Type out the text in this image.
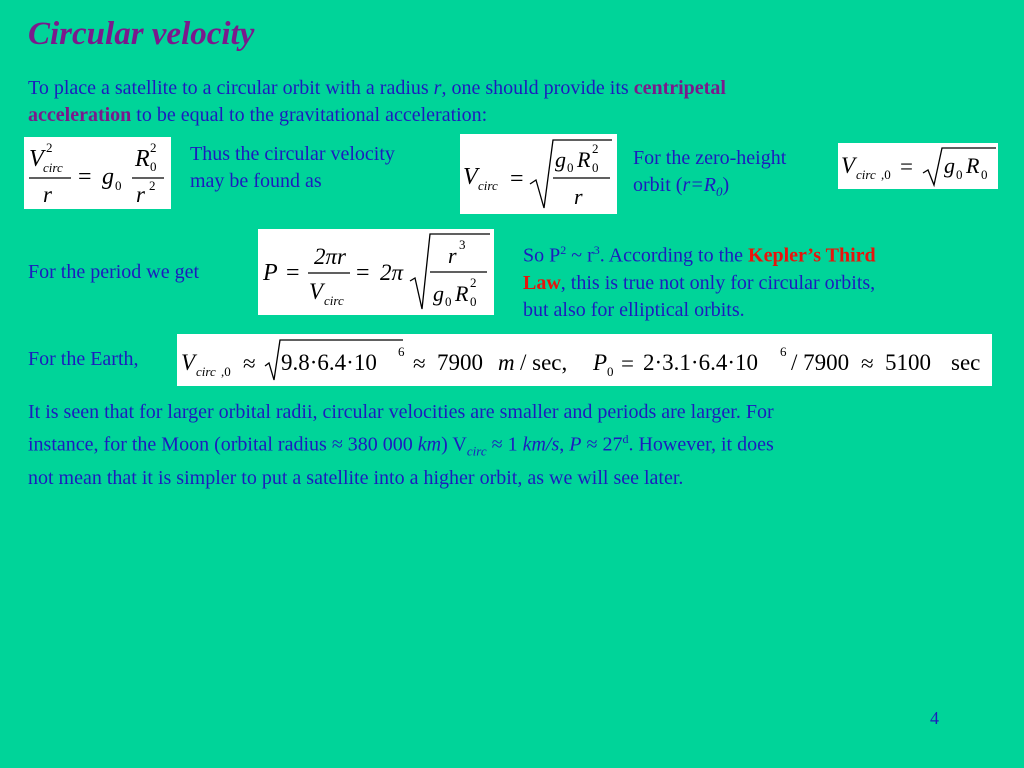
Circular velocity
To place a satellite to a circular orbit with a radius r, one should provide its centripetal
acceleration to be equal to the gravitational acceleration:
V 2
circ
r
= g 0
R 2
0
r 2
Thus the circular velocity
may be found as	V circ =
g 0 R 2
0
r
For the zero-height
orbit $(r=R_0)$
V circ ,0 = g 0 R 0
For the period we get	P =
2πr
V circ
= 2π
r 3
g 0 R 2
0
So $P^2$ ~ $r^3$. According to the Kepler’s Third
Law, this is true not only for circular orbits,
but also for elliptical orbits.
For the Earth, V circ ,0 ≈ 9.8·6.4·10 6 ≈ 7900 m / sec, P 0 = 2·3.1·6.4·10 6 / 7900 ≈ 5100 sec
It is seen that for larger orbital radii, circular velocities are smaller and periods are larger. For
instance, for the Moon (orbital radius ≈ 380 000 km) $V_{circ} \approx 1$ km/s, $P \approx 27^d$. However, it does
not mean that it is simpler to put a satellite into a higher orbit, as we will see later.
4
